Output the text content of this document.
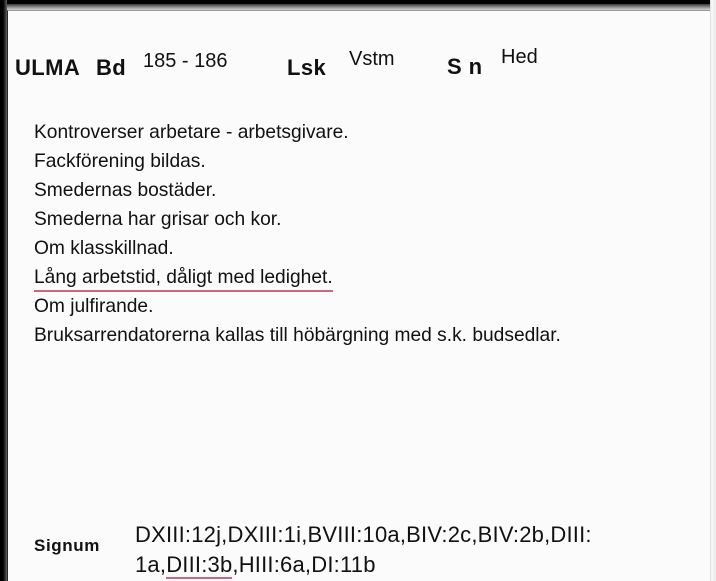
ULMA Bd 185 - 186	Lsk Vstm S n Hed
Kontroverser arbetare - arbetsgivare.
Fackförening bildas.
Smedernas bostäder.
Smederna har grisar och kor.
Om klasskillnad.
Lång arbetstid, dåligt med ledighet.
Om julfirande.
Bruksarrendatorerna kallas till höbärgning med s.k. budsedlar.
Signum DXIII:12j,DXIII:1i,BVIII:10a,BIV:2c,BIV:2b,DIII:
1a,DIII:3b,HIII:6a,DI:11b
